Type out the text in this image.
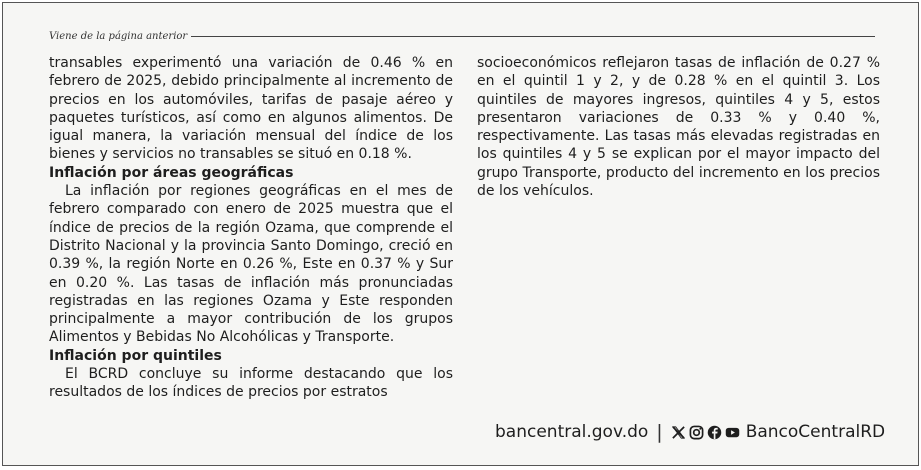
Viene de la página anterior

transables experimentó una variación de 0.46 % en febrero de 2025, debido principalmente al incremento de precios en los automóviles, tarifas de pasaje aéreo y paquetes turísticos, así como en algunos alimentos. De igual manera, la variación mensual del índice de los bienes y servicios no transables se situó en 0.18 %.

Inflación por áreas geográficas

La inflación por regiones geográficas en el mes de febrero comparado con enero de 2025 muestra que el índice de precios de la región Ozama, que comprende el Distrito Nacional y la provincia Santo Domingo, creció en 0.39 %, la región Norte en 0.26 %, Este en 0.37 % y Sur en 0.20 %. Las tasas de inflación más pronunciadas registradas en las regiones Ozama y Este responden principalmente a mayor contribución de los grupos Alimentos y Bebidas No Alcohólicas y Transporte.

Inflación por quintiles

El BCRD concluye su informe destacando que los resultados de los índices de precios por estratos

socioeconómicos reflejaron tasas de inflación de 0.27 % en el quintil 1 y 2, y de 0.28 % en el quintil 3. Los quintiles de mayores ingresos, quintiles 4 y 5, estos presentaron variaciones de 0.33 % y 0.40 %, respectivamente. Las tasas más elevadas registradas en los quintiles 4 y 5 se explican por el mayor impacto del grupo Transporte, producto del incremento en los precios de los vehículos.

bancentral.gov.do |	BancoCentralRD
